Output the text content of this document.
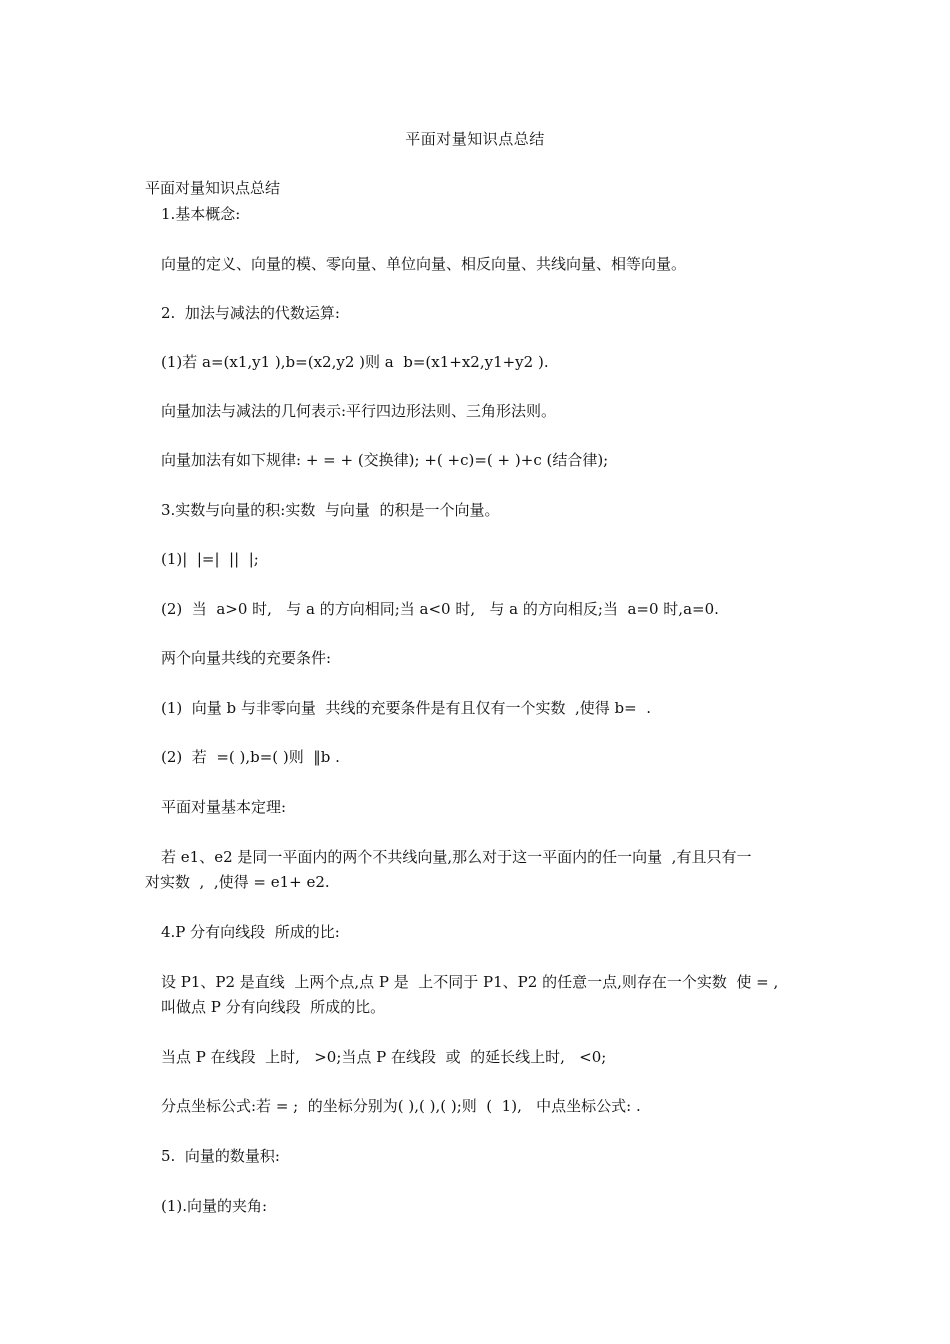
平面对量知识点总结
平面对量知识点总结
1.基本概念:
向量的定义、向量的模、零向量、单位向量、相反向量、共线向量、相等向量。
2.  加法与减法的代数运算:
(1)若 a=(x1,y1 ),b=(x2,y2 )则 a  b=(x1+x2,y1+y2 ).
向量加法与减法的几何表示:平行四边形法则、三角形法则。
向量加法有如下规律: + = + (交换律); +( +c)=( + )+c (结合律);
3.实数与向量的积:实数  与向量  的积是一个向量。
(1)|  |=|  ||  |;
(2)  当  a>0 时,   与 a 的方向相同;当 a<0 时,   与 a 的方向相反;当  a=0 时,a=0.
两个向量共线的充要条件:
(1)  向量 b 与非零向量  共线的充要条件是有且仅有一个实数  ,使得 b=  .
(2)  若  =( ),b=( )则  ‖b .
平面对量基本定理:
若 e1、e2 是同一平面内的两个不共线向量,那么对于这一平面内的任一向量  ,有且只有一
对实数  ,  ,使得 = e1+ e2.
4.P 分有向线段  所成的比:
设 P1、P2 是直线  上两个点,点 P 是  上不同于 P1、P2 的任意一点,则存在一个实数  使 = ,
叫做点 P 分有向线段  所成的比。
当点 P 在线段  上时,   >0;当点 P 在线段  或  的延长线上时,   <0;
分点坐标公式:若 = ;  的坐标分别为( ),( ),( );则  (  1),   中点坐标公式: .
5.  向量的数量积:
(1).向量的夹角:
